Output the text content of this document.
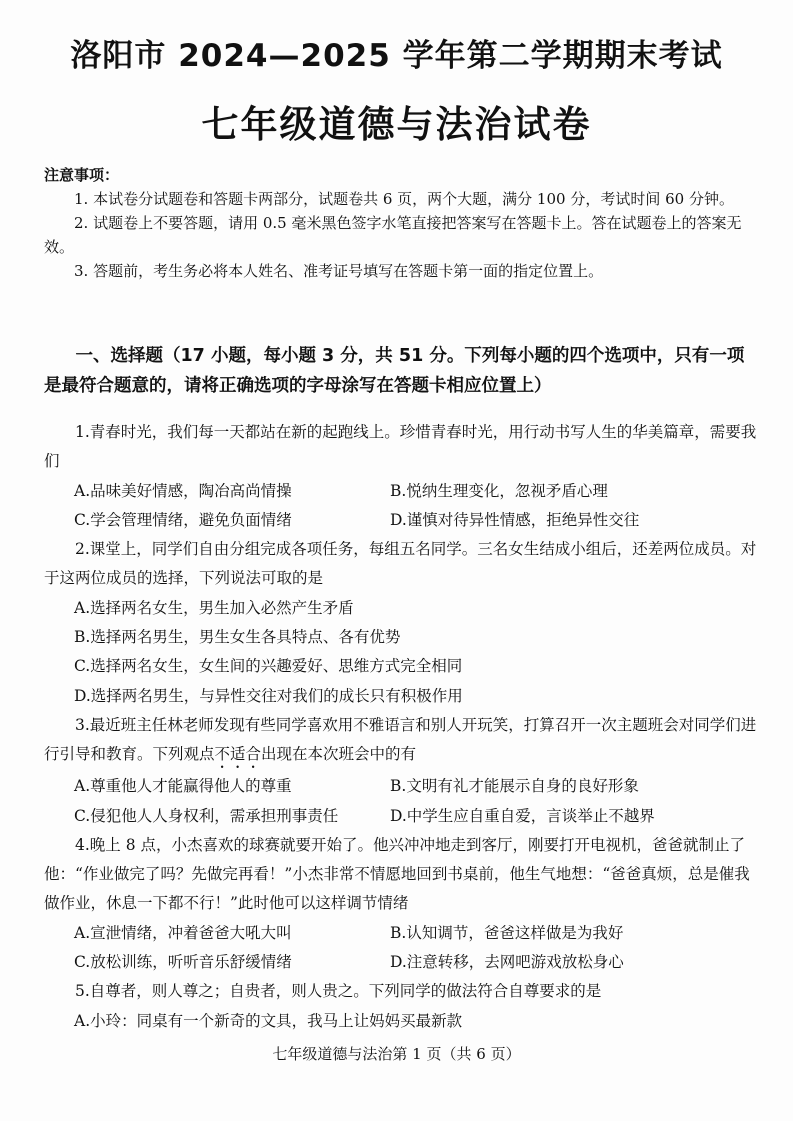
洛阳市 2024—2025 学年第二学期期末考试
七年级道德与法治试卷
注意事项：

1. 本试卷分试题卷和答题卡两部分，试题卷共 6 页，两个大题，满分 100 分，考试时间 60 分钟。

2. 试题卷上不要答题，请用 0.5 毫米黑色签字水笔直接把答案写在答题卡上。答在试题卷上的答案无效。

3. 答题前，考生务必将本人姓名、准考证号填写在答题卡第一面的指定位置上。

一、选择题（17 小题，每小题 3 分，共 51 分。下列每小题的四个选项中，只有一项是最符合题意的，请将正确选项的字母涂写在答题卡相应位置上）

1.青春时光，我们每一天都站在新的起跑线上。珍惜青春时光，用行动书写人生的华美篇章，需要我们

A.品味美好情感，陶冶高尚情操	B.悦纳生理变化，忽视矛盾心理
C.学会管理情绪，避免负面情绪	D.谨慎对待异性情感，拒绝异性交往

2.课堂上，同学们自由分组完成各项任务，每组五名同学。三名女生结成小组后，还差两位成员。对于这两位成员的选择，下列说法可取的是

A.选择两名女生，男生加入必然产生矛盾

B.选择两名男生，男生女生各具特点、各有优势

C.选择两名女生，女生间的兴趣爱好、思维方式完全相同

D.选择两名男生，与异性交往对我们的成长只有积极作用

3.最近班主任林老师发现有些同学喜欢用不雅语言和别人开玩笑，打算召开一次主题班会对同学们进行引导和教育。下列观点不适合出现在本次班会中的有

A.尊重他人才能赢得他人的尊重	B.文明有礼才能展示自身的良好形象
C.侵犯他人人身权利，需承担刑事责任	D.中学生应自重自爱，言谈举止不越界

4.晚上 8 点，小杰喜欢的球赛就要开始了。他兴冲冲地走到客厅，刚要打开电视机，爸爸就制止了他：“作业做完了吗？先做完再看！”小杰非常不情愿地回到书桌前，他生气地想：“爸爸真烦，总是催我做作业，休息一下都不行！”此时他可以这样调节情绪

A.宣泄情绪，冲着爸爸大吼大叫	B.认知调节，爸爸这样做是为我好
C.放松训练，听听音乐舒缓情绪	D.注意转移，去网吧游戏放松身心

5.自尊者，则人尊之；自贵者，则人贵之。下列同学的做法符合自尊要求的是

A.小玲：同桌有一个新奇的文具，我马上让妈妈买最新款

七年级道德与法治第 1 页（共 6 页）
